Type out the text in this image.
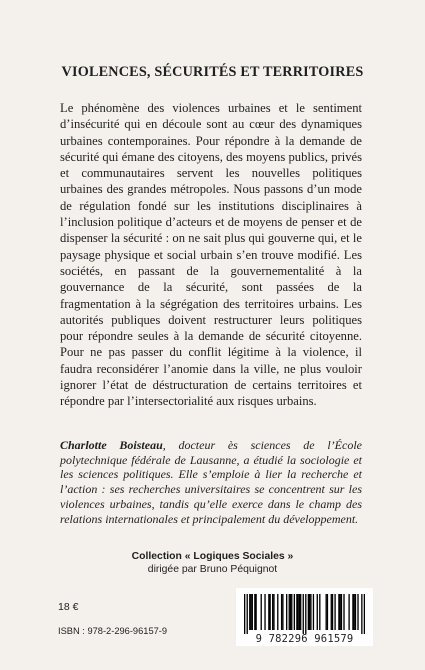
VIOLENCES, SÉCURITÉS ET TERRITOIRES

Le phénomène des violences urbaines et le sentiment d’insécurité qui en découle sont au cœur des dynamiques urbaines contemporaines. Pour répondre à la demande de sécurité qui émane des citoyens, des moyens publics, privés et communautaires servent les nouvelles politiques urbaines des grandes métropoles. Nous passons d’un mode de régulation fondé sur les institutions disciplinaires à l’inclusion politique d’acteurs et de moyens de penser et de dispenser la sécurité : on ne sait plus qui gouverne qui, et le paysage physique et social urbain s’en trouve modifié. Les sociétés, en passant de la gouvernementalité à la gouvernance de la sécurité, sont passées de la fragmentation à la ségrégation des territoires urbains. Les autorités publiques doivent restructurer leurs politiques pour répondre seules à la demande de sécurité citoyenne. Pour ne pas passer du conflit légitime à la violence, il faudra reconsidérer l’anomie dans la ville, ne plus vouloir ignorer l’état de déstructuration de certains territoires et répondre par l’intersectorialité aux risques urbains.

Charlotte Boisteau, docteur ès sciences de l’École polytechnique fédérale de Lausanne, a étudié la sociologie et les sciences politiques. Elle s’emploie à lier la recherche et l’action : ses recherches universitaires se concentrent sur les violences urbaines, tandis qu’elle exerce dans le champ des relations internationales et principalement du développement.
Collection « Logiques Sociales »
dirigée par Bruno Péquignot
18 €
ISBN : 978-2-296-96157-9
9 782296 961579
